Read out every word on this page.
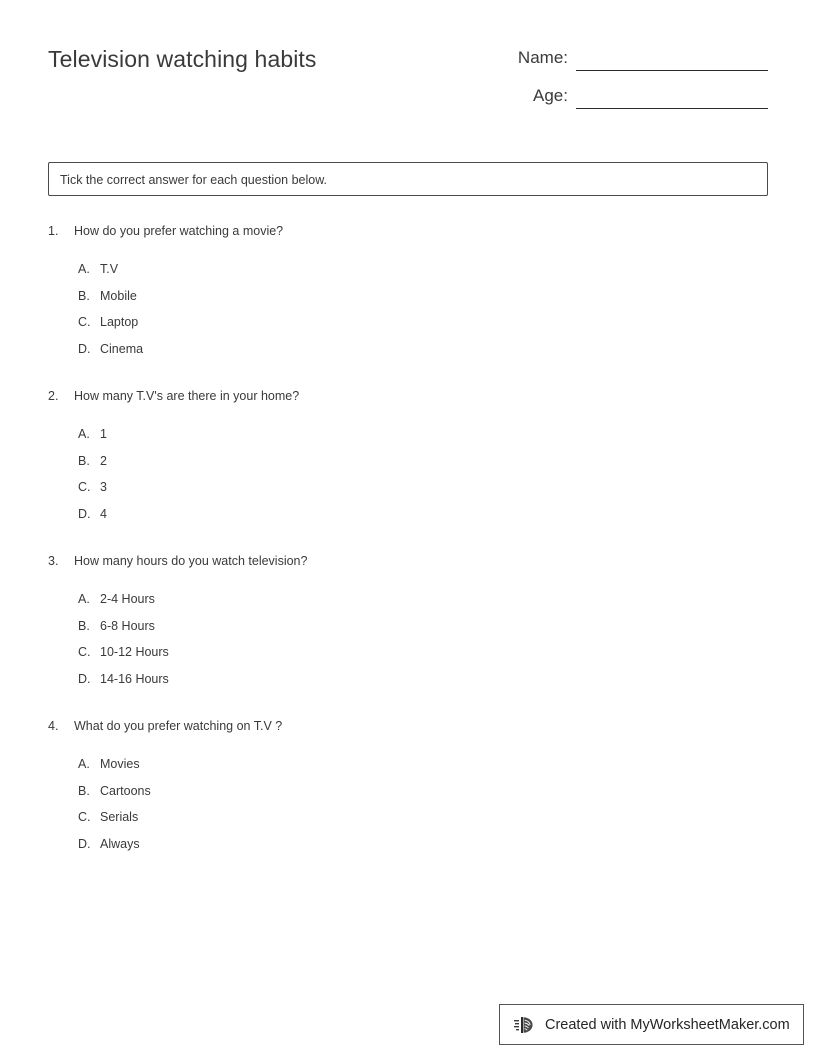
Television watching habits	Name:
Age:
Tick the correct answer for each question below.
1.	How do you prefer watching a movie?
A. T.V
B. Mobile
C. Laptop
D. Cinema
2.	How many T.V's are there in your home?
A. 1
B. 2
C. 3
D. 4
3.	How many hours do you watch television?
A. 2-4 Hours
B. 6-8 Hours
C. 10-12 Hours
D. 14-16 Hours
4.	What do you prefer watching on T.V ?
A. Movies
B. Cartoons
C. Serials
D. Always
Created with MyWorksheetMaker.com
